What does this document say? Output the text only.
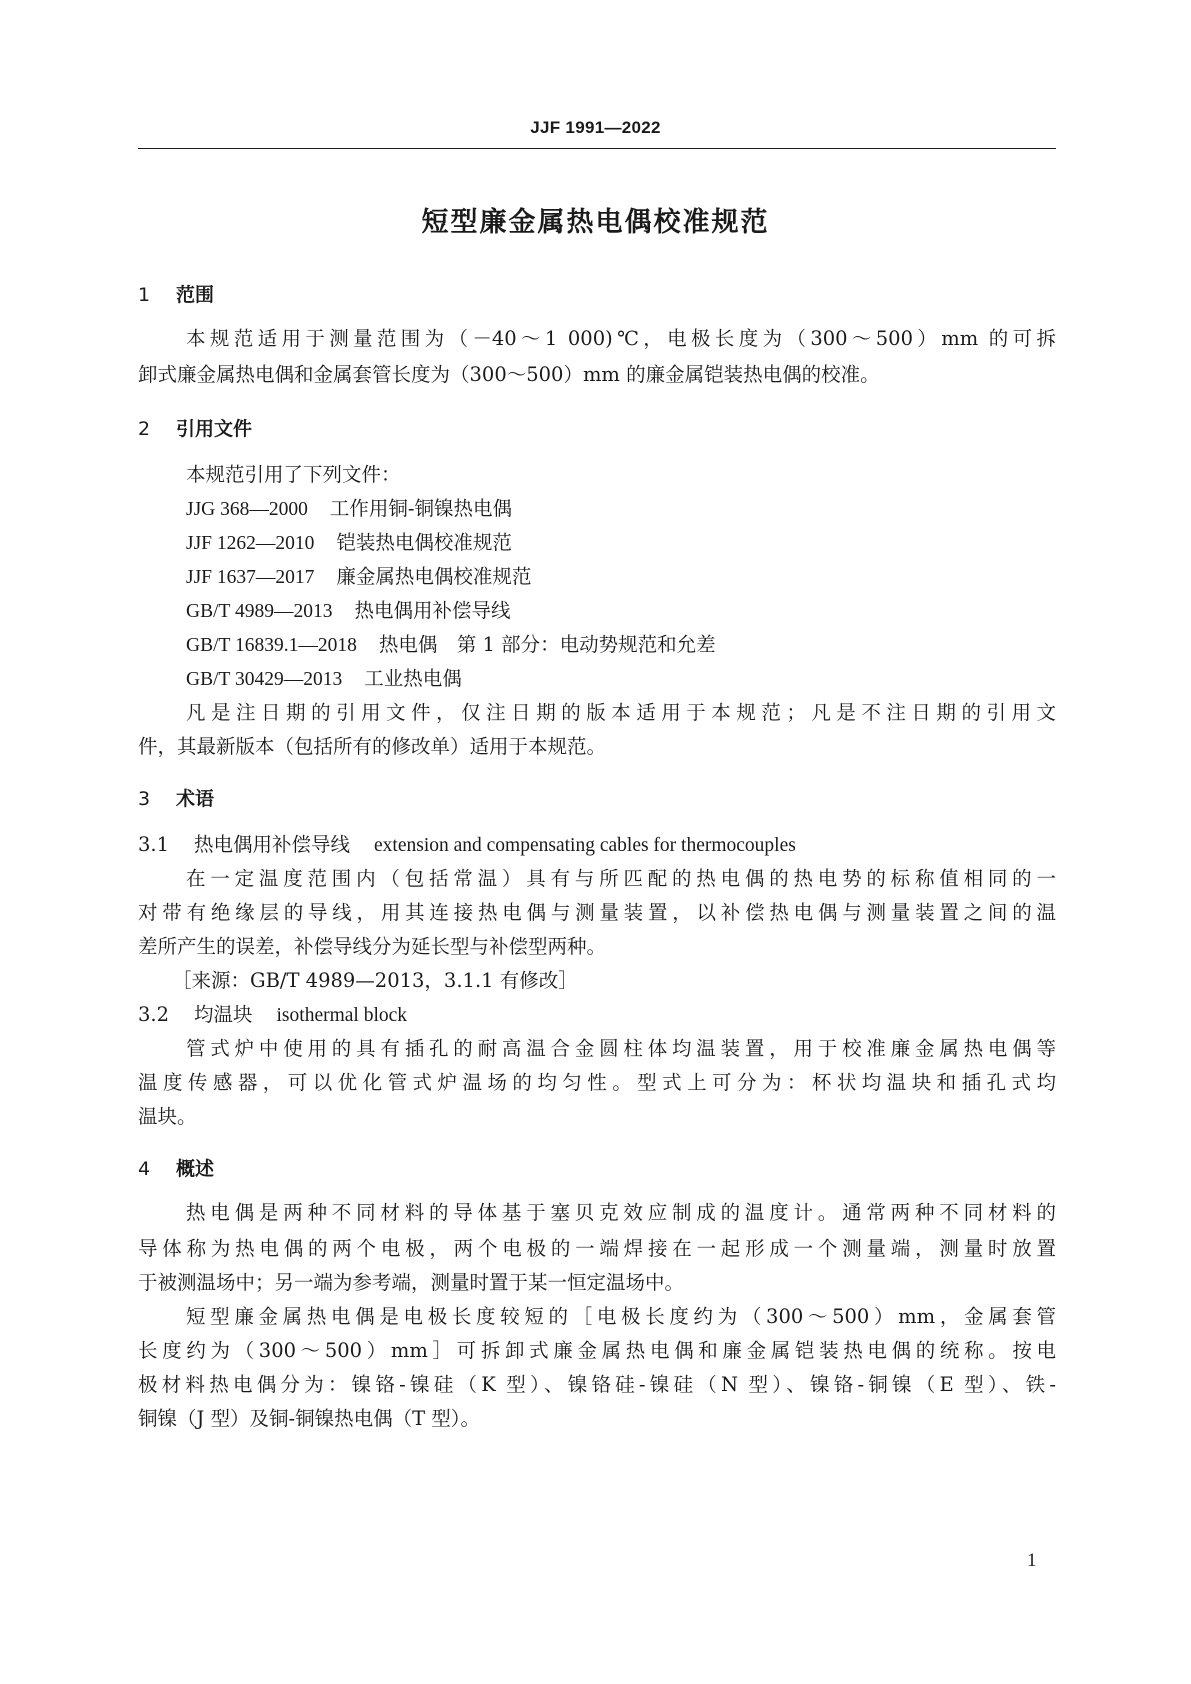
JJF 1991—2022
短型廉金属热电偶校准规范
1 范围
本规范适用于测量范围为（－40～1 000)℃，电极长度为（300～500）mm 的可拆
卸式廉金属热电偶和金属套管长度为（300～500）mm 的廉金属铠装热电偶的校准。
2 引用文件
本规范引用了下列文件：
JJG 368—2000 工作用铜-铜镍热电偶
JJF 1262—2010 铠装热电偶校准规范
JJF 1637—2017 廉金属热电偶校准规范
GB/T 4989—2013 热电偶用补偿导线
GB/T 16839.1—2018 热电偶　第 1 部分：电动势规范和允差
GB/T 30429—2013 工业热电偶
凡是注日期的引用文件，仅注日期的版本适用于本规范；凡是不注日期的引用文
件，其最新版本（包括所有的修改单）适用于本规范。
3 术语
3.1 热电偶用补偿导线 extension and compensating cables for thermocouples
在一定温度范围内（包括常温）具有与所匹配的热电偶的热电势的标称值相同的一
对带有绝缘层的导线，用其连接热电偶与测量装置，以补偿热电偶与测量装置之间的温
差所产生的误差，补偿导线分为延长型与补偿型两种。
［来源：GB/T 4989—2013，3.1.1 有修改］
3.2 均温块 isothermal block
管式炉中使用的具有插孔的耐高温合金圆柱体均温装置，用于校准廉金属热电偶等
温度传感器，可以优化管式炉温场的均匀性。型式上可分为：杯状均温块和插孔式均
温块。
4 概述
热电偶是两种不同材料的导体基于塞贝克效应制成的温度计。通常两种不同材料的
导体称为热电偶的两个电极，两个电极的一端焊接在一起形成一个测量端，测量时放置
于被测温场中；另一端为参考端，测量时置于某一恒定温场中。
短型廉金属热电偶是电极长度较短的［电极长度约为（300～500）mm，金属套管
长度约为（300～500）mm］可拆卸式廉金属热电偶和廉金属铠装热电偶的统称。按电
极材料热电偶分为：镍铬-镍硅（K 型）、镍铬硅-镍硅（N 型）、镍铬-铜镍（E 型）、铁-
铜镍（J 型）及铜-铜镍热电偶（T 型）。
1
